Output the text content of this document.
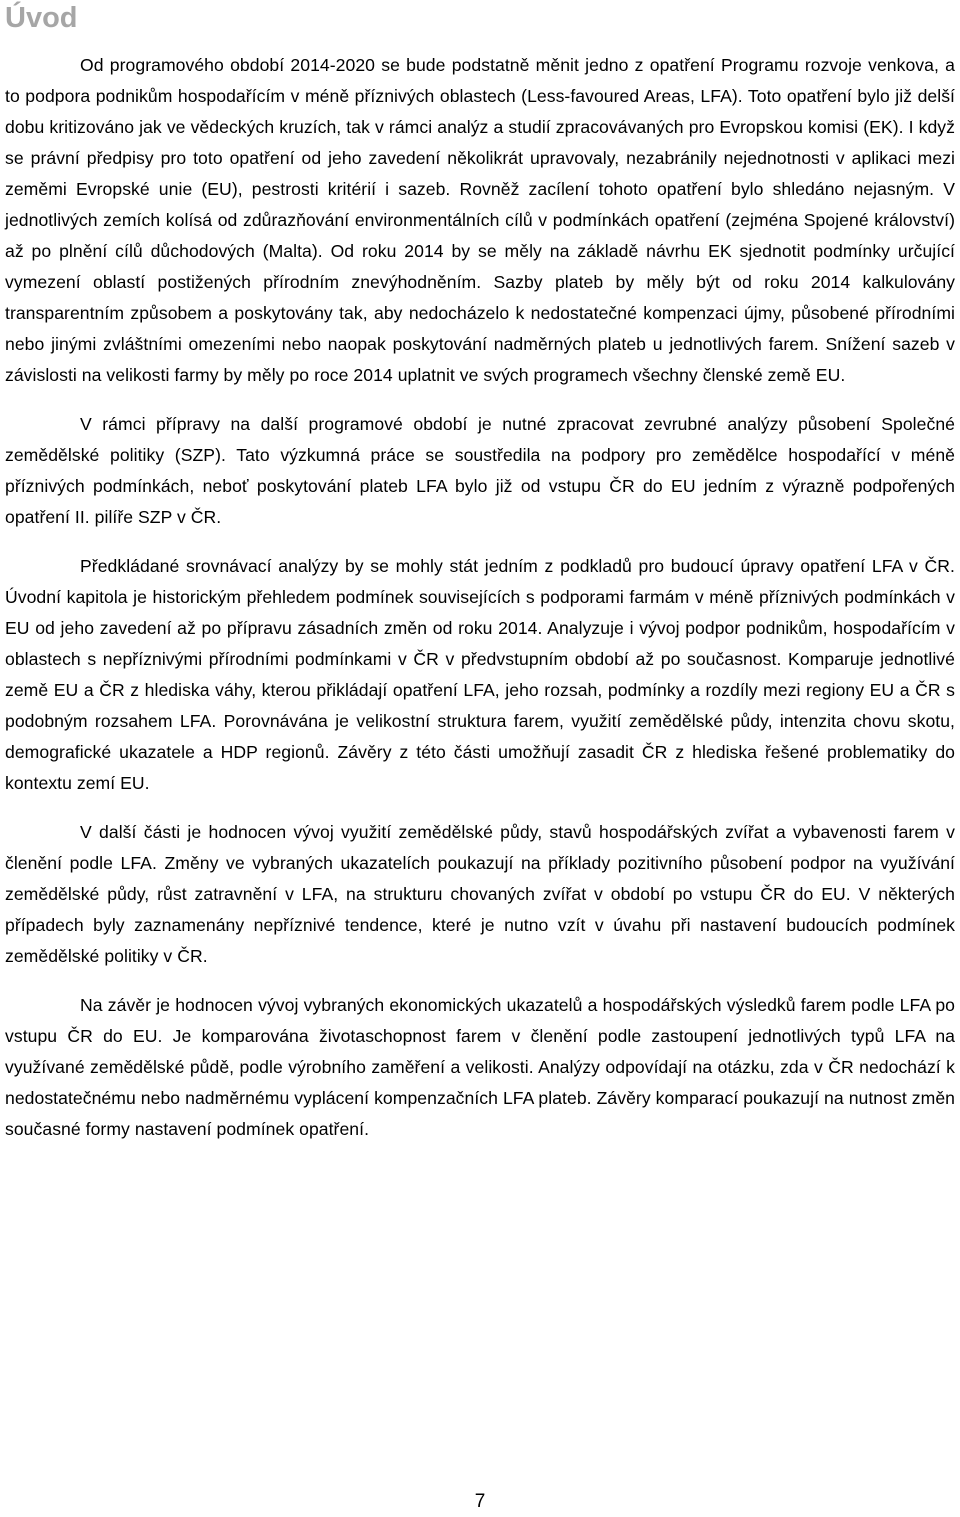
Úvod

Od programového období 2014-2020 se bude podstatně měnit jedno z opatření Programu rozvoje venkova, a to podpora podnikům hospodařícím v méně příznivých oblastech (Less-favoured Areas, LFA). Toto opatření bylo již delší dobu kritizováno jak ve vědeckých kruzích, tak v rámci analýz a studií zpracovávaných pro Evropskou komisi (EK). I když se právní předpisy pro toto opatření od jeho zavedení několikrát upravovaly, nezabránily nejednotnosti v aplikaci mezi zeměmi Evropské unie (EU), pestrosti kritérií i sazeb. Rovněž zacílení tohoto opatření bylo shledáno nejasným. V jednotlivých zemích kolísá od zdůrazňování environmentálních cílů v podmínkách opatření (zejména Spojené království) až po plnění cílů důchodových (Malta). Od roku 2014 by se měly na základě návrhu EK sjednotit podmínky určující vymezení oblastí postižených přírodním znevýhodněním. Sazby plateb by měly být od roku 2014 kalkulovány transparentním způsobem a poskytovány tak, aby nedocházelo k nedostatečné kompenzaci újmy, působené přírodními nebo jinými zvláštními omezeními nebo naopak poskytování nadměrných plateb u jednotlivých farem. Snížení sazeb v závislosti na velikosti farmy by měly po roce 2014 uplatnit ve svých programech všechny členské země EU.

V rámci přípravy na další programové období je nutné zpracovat zevrubné analýzy působení Společné zemědělské politiky (SZP). Tato výzkumná práce se soustředila na podpory pro zemědělce hospodařící v méně příznivých podmínkách, neboť poskytování plateb LFA bylo již od vstupu ČR do EU jedním z výrazně podpořených opatření II. pilíře SZP v ČR.

Předkládané srovnávací analýzy by se mohly stát jedním z podkladů pro budoucí úpravy opatření LFA v ČR. Úvodní kapitola je historickým přehledem podmínek souvisejících s podporami farmám v méně příznivých podmínkách v EU od jeho zavedení až po přípravu zásadních změn od roku 2014. Analyzuje i vývoj podpor podnikům, hospodařícím v oblastech s nepříznivými přírodními podmínkami v ČR v předvstupním období až po současnost. Komparuje jednotlivé země EU a ČR z hlediska váhy, kterou přikládají opatření LFA, jeho rozsah, podmínky a rozdíly mezi regiony EU a ČR s podobným rozsahem LFA. Porovnávána je velikostní struktura farem, využití zemědělské půdy, intenzita chovu skotu, demografické ukazatele a HDP regionů. Závěry z této části umožňují zasadit ČR z hlediska řešené problematiky do kontextu zemí EU.

V další části je hodnocen vývoj využití zemědělské půdy, stavů hospodářských zvířat a vybavenosti farem v členění podle LFA. Změny ve vybraných ukazatelích poukazují na příklady pozitivního působení podpor na využívání zemědělské půdy, růst zatravnění v LFA, na strukturu chovaných zvířat v období po vstupu ČR do EU. V některých případech byly zaznamenány nepříznivé tendence, které je nutno vzít v úvahu při nastavení budoucích podmínek zemědělské politiky v ČR.

Na závěr je hodnocen vývoj vybraných ekonomických ukazatelů a hospodářských výsledků farem podle LFA po vstupu ČR do EU. Je komparována životaschopnost farem v členění podle zastoupení jednotlivých typů LFA na využívané zemědělské půdě, podle výrobního zaměření a velikosti. Analýzy odpovídají na otázku, zda v ČR nedochází k nedostatečnému nebo nadměrnému vyplácení kompenzačních LFA plateb. Závěry komparací poukazují na nutnost změn současné formy nastavení podmínek opatření.

7
